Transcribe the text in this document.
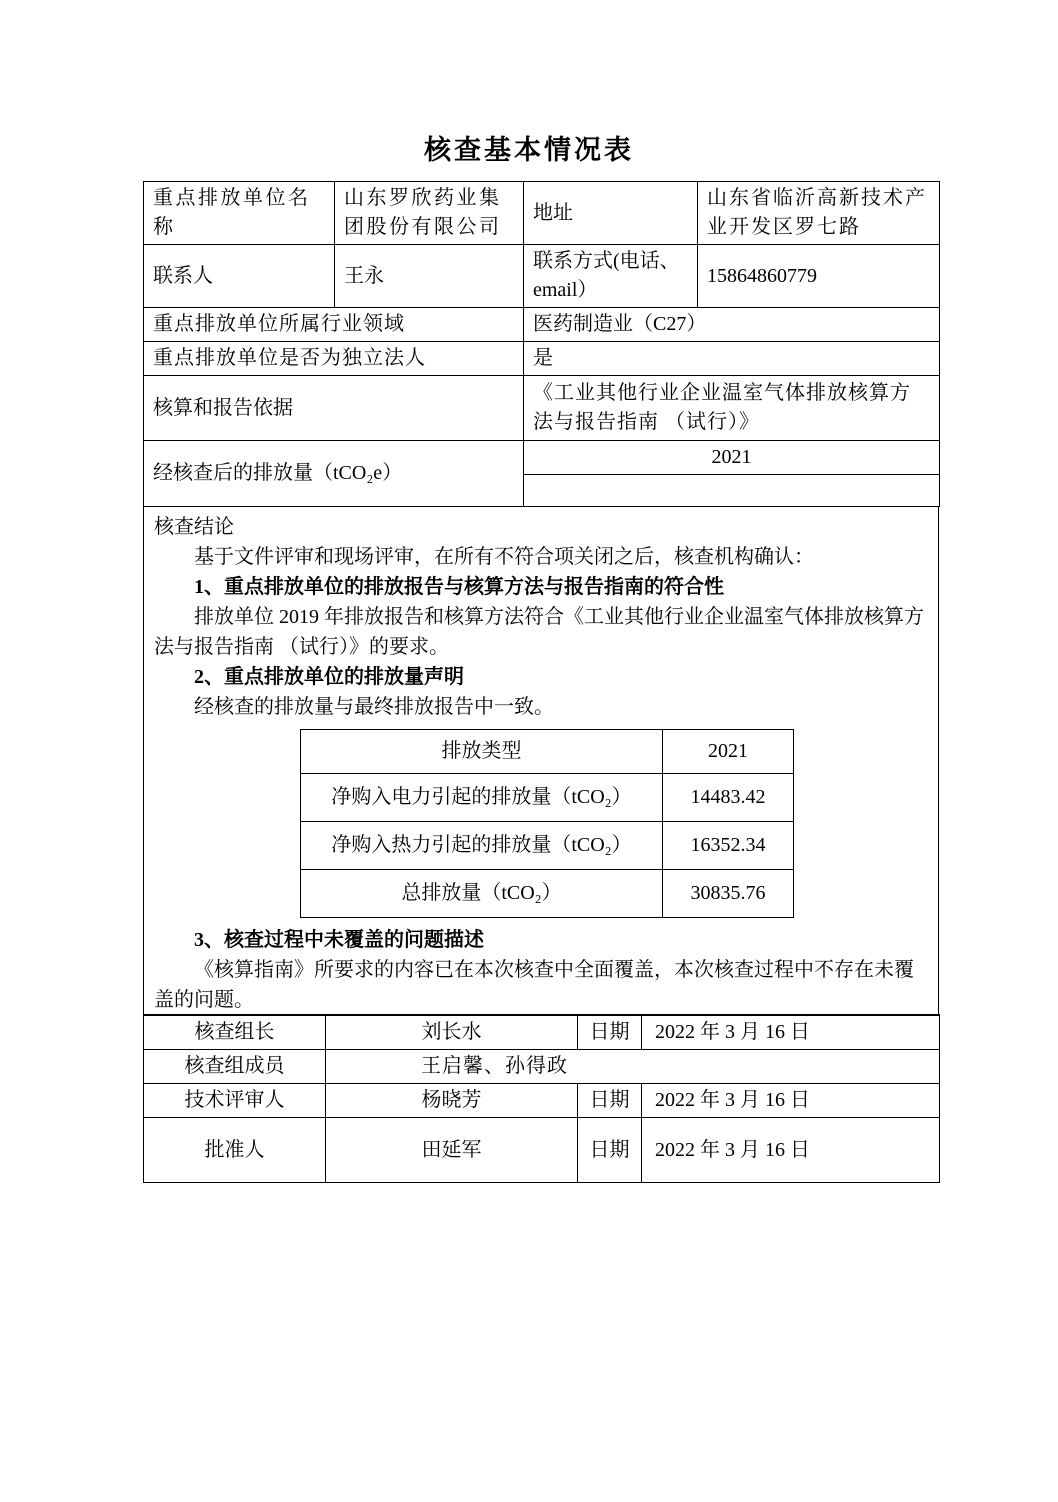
核查基本情况表
重点排放单位名称	山东罗欣药业集团股份有限公司	地址	山东省临沂高新技术产业开发区罗七路
联系人	王永	联系方式(电话、email）	15864860779
重点排放单位所属行业领域		医药制造业（C27）	
重点排放单位是否为独立法人		是	
核算和报告依据		《工业其他行业企业温室气体排放核算方法与报告指南 （试行）》	
经核查后的排放量（tCO₂e）		2021	

核查结论

基于文件评审和现场评审，在所有不符合项关闭之后，核查机构确认：

1、重点排放单位的排放报告与核算方法与报告指南的符合性

排放单位 2019 年排放报告和核算方法符合《工业其他行业企业温室气体排放核算方法与报告指南 （试行）》的要求。

2、重点排放单位的排放量声明

经核查的排放量与最终排放报告中一致。

排放类型	2021
净购入电力引起的排放量（tCO₂）	14483.42
净购入热力引起的排放量（tCO₂）	16352.34
总排放量（tCO₂）	30835.76

3、核查过程中未覆盖的问题描述

《核算指南》所要求的内容已在本次核查中全面覆盖，本次核查过程中不存在未覆盖的问题。

核查组长	刘长水	日期	2022 年 3 月 16 日
核查组成员	王启馨、孙得政		
技术评审人	杨晓芳	日期	2022 年 3 月 16 日
批准人	田延军	日期	2022 年 3 月 16 日
